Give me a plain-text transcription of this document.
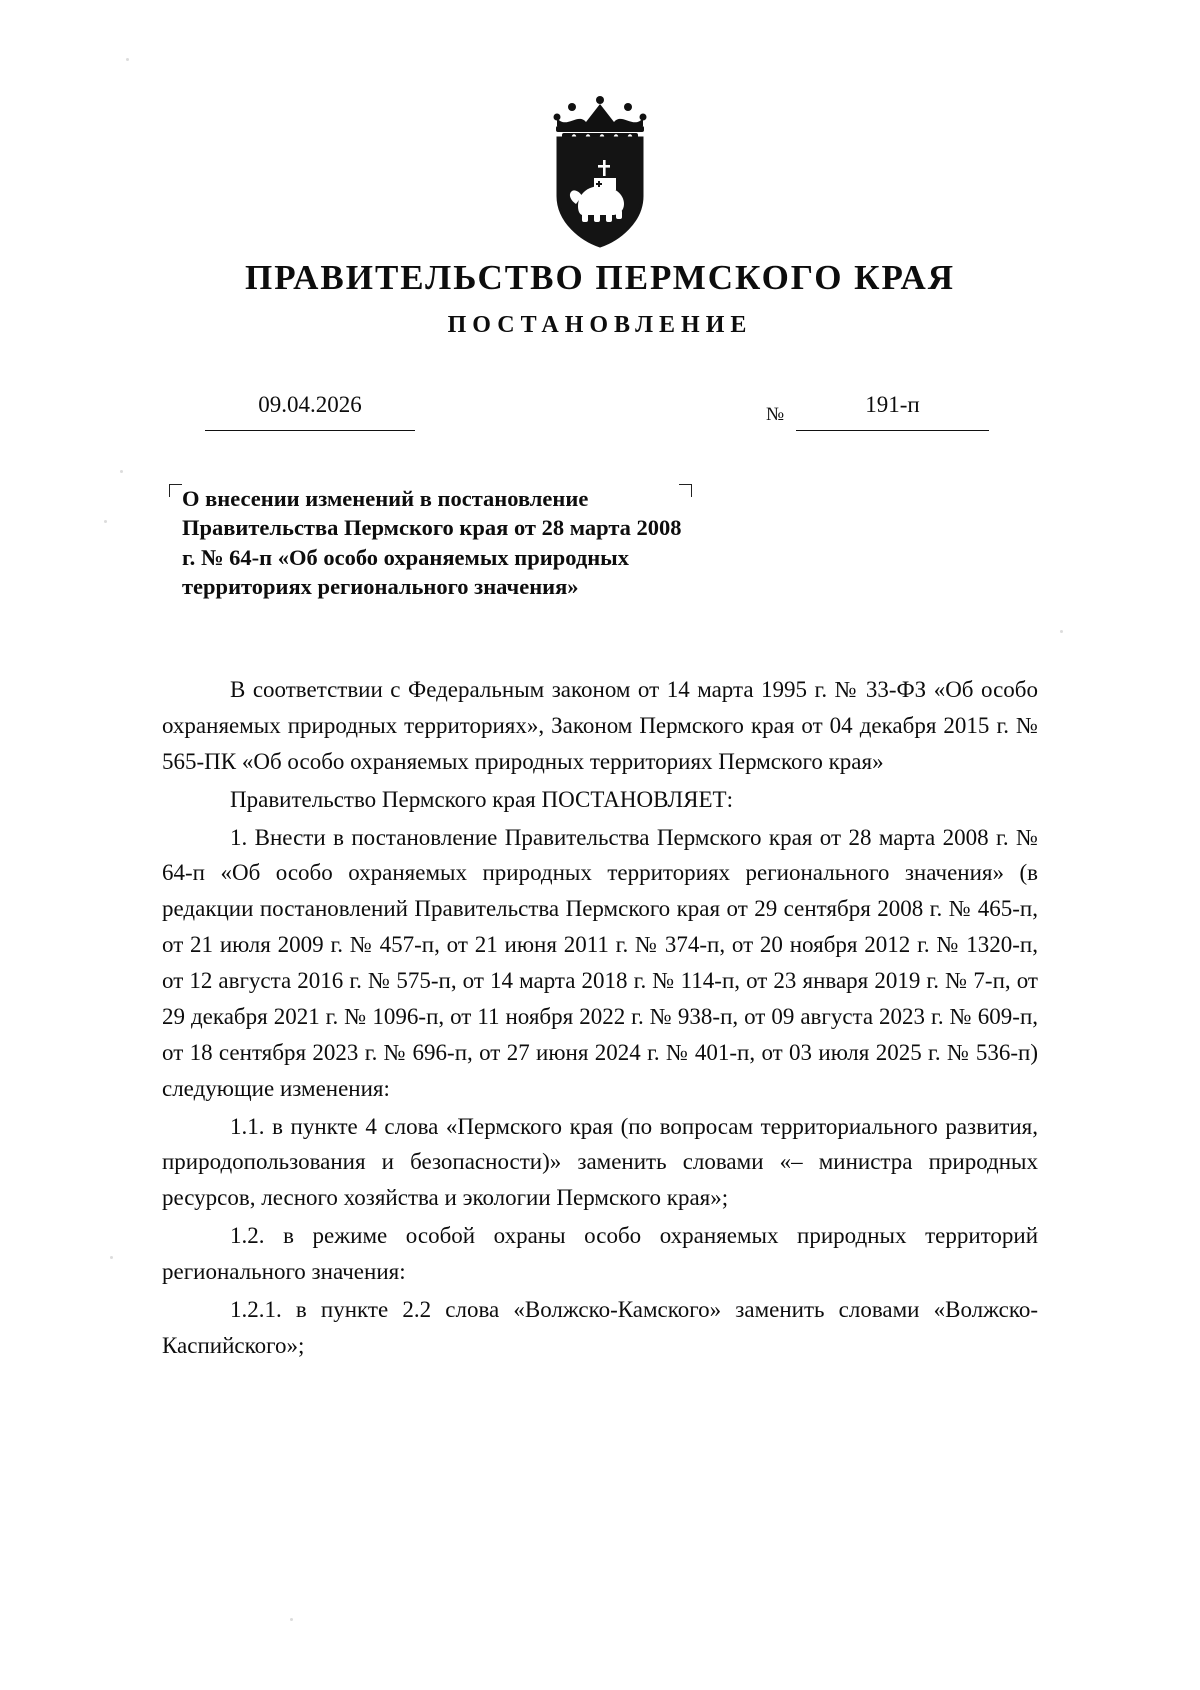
ПРАВИТЕЛЬСТВО ПЕРМСКОГО КРАЯ
ПОСТАНОВЛЕНИЕ
09.04.2026	№	191-п
О внесении изменений в постановление Правительства Пермского края от 28 марта 2008 г. № 64-п «Об особо охраняемых природных территориях регионального значения»

В соответствии с Федеральным законом от 14 марта 1995 г. № 33-ФЗ «Об особо охраняемых природных территориях», Законом Пермского края от 04 декабря 2015 г. № 565-ПК «Об особо охраняемых природных территориях Пермского края»

Правительство Пермского края ПОСТАНОВЛЯЕТ:

1. Внести в постановление Правительства Пермского края от 28 марта 2008 г. № 64-п «Об особо охраняемых природных территориях регионального значения» (в редакции постановлений Правительства Пермского края от 29 сентября 2008 г. № 465-п, от 21 июля 2009 г. № 457-п, от 21 июня 2011 г. № 374-п, от 20 ноября 2012 г. № 1320-п, от 12 августа 2016 г. № 575-п, от 14 марта 2018 г. № 114-п, от 23 января 2019 г. № 7-п, от 29 декабря 2021 г. № 1096-п, от 11 ноября 2022 г. № 938-п, от 09 августа 2023 г. № 609-п, от 18 сентября 2023 г. № 696-п, от 27 июня 2024 г. № 401-п, от 03 июля 2025 г. № 536-п) следующие изменения:

1.1. в пункте 4 слова «Пермского края (по вопросам территориального развития, природопользования и безопасности)» заменить словами «– министра природных ресурсов, лесного хозяйства и экологии Пермского края»;

1.2. в режиме особой охраны особо охраняемых природных территорий регионального значения:

1.2.1. в пункте 2.2 слова «Волжско-Камского» заменить словами «Волжско-Каспийского»;
